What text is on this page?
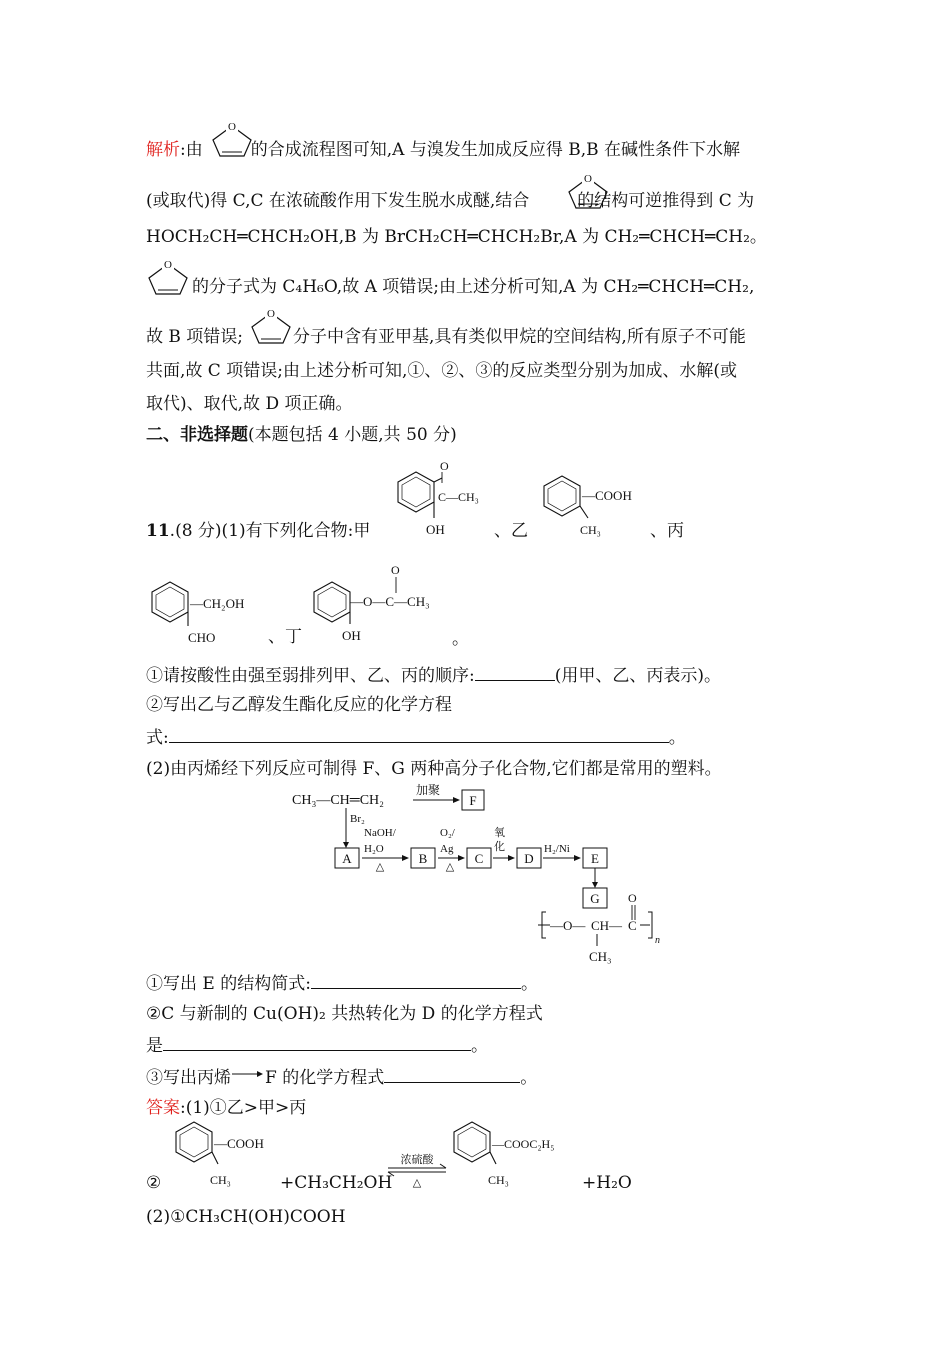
解析:由	的合成流程图可知,A 与溴发生加成反应得 B,B 在碱性条件下水解
O
(或取代)得 C,C 在浓硫酸作用下发生脱水成醚,结合	的结构可逆推得到 C 为
O
HOCH₂CH═CHCH₂OH,B 为 BrCH₂CH═CHCH₂Br,A 为 CH₂═CHCH═CH₂。
O
的分子式为 C₄H₆O,故 A 项错误;由上述分析可知,A 为 CH₂═CHCH═CH₂,
故 B 项错误;	分子中含有亚甲基,具有类似甲烷的空间结构,所有原子不可能
O
共面,故 C 项错误;由上述分析可知,①、②、③的反应类型分别为加成、水解(或
取代)、取代,故 D 项正确。
二、非选择题(本题包括 4 小题,共 50 分)
O
C—CH₃
OH
—COOH
CH₃
11.(8 分)(1)有下列化合物:甲	、乙	、丙
—CH₂OH
CHO	、丁
—O—C—CH₃
O
OH	。
①请按酸性由强至弱排列甲、乙、丙的顺序:	(用甲、乙、丙表示)。
②写出乙与乙醇发生酯化反应的化学方程
式:	。
(2)由丙烯经下列反应可制得 F、G 两种高分子化合物,它们都是常用的塑料。
CH₃—CH═CH₂
加聚
F
Br₂
A
NaOH/
H₂O
△
B
O₂/
Ag
△
C
氧
化
D
H₂/Ni
E
G O
—O— CH— C
n
CH₃
①写出 E 的结构简式:	。
②C 与新制的 Cu(OH)₂ 共热转化为 D 的化学方程式
是	。
③写出丙烯 F 的化学方程式	。
答案:(1)①乙>甲>丙
—COOH
CH₃
—COOC₂H₅
CH₃
浓硫酸
△
②	+CH₃CH₂OH	+H₂O
(2)①CH₃CH(OH)COOH
